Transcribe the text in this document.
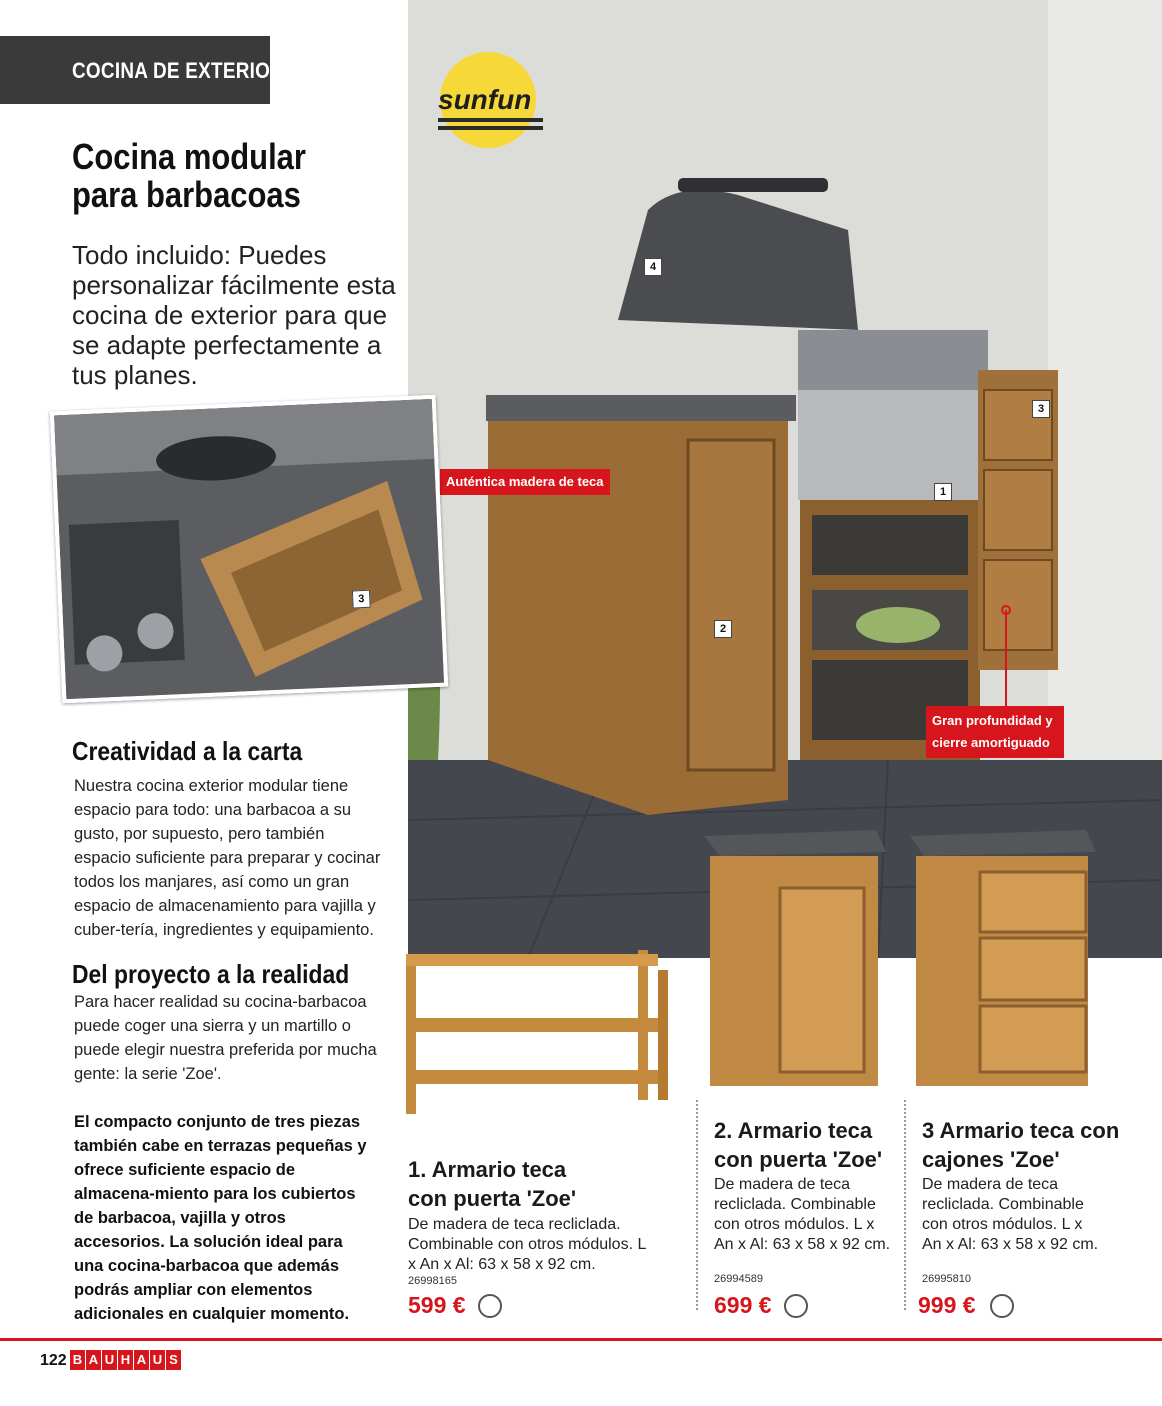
COCINA DE EXTERIOR
Cocina modular para barbacoas

Todo incluido: Puedes personalizar fácilmente esta cocina de exterior para que se adapte perfectamente a tus planes.

sunfun
4
3
1
2
Auténtica madera de teca
Gran profundidad y cierre amortiguado
3
Creatividad a la carta

Nuestra cocina exterior modular tiene espacio para todo: una barbacoa a su gusto, por supuesto, pero también espacio suficiente para preparar y cocinar todos los manjares, así como un gran espacio de almacenamiento para vajilla y cuber-tería, ingredientes y equipamiento.

Del proyecto a la realidad

Para hacer realidad su cocina-barbacoa puede coger una sierra y un martillo o puede elegir nuestra preferida por mucha gente: la serie 'Zoe'.

El compacto conjunto de tres piezas también cabe en terrazas pequeñas y ofrece suficiente espacio de almacena-miento para los cubiertos de barbacoa, vajilla y otros accesorios. La solución ideal para una cocina-barbacoa que además podrás ampliar con elementos adicionales en cualquier momento.

1. Armario teca con puerta 'Zoe'
De madera de teca recliclada. Combinable con otros módulos. L x An x Al: 63 x 58 x 92 cm.
26998165
599 €
2. Armario teca con puerta 'Zoe'
De madera de teca recliclada. Combinable con otros módulos. L x An x Al: 63 x 58 x 92 cm.
26994589
699 €
3 Armario teca con cajones 'Zoe'
De madera de teca recliclada. Combinable con otros módulos. L x An x Al: 63 x 58 x 92 cm.
26995810
999 €
122 B A U H A U S
